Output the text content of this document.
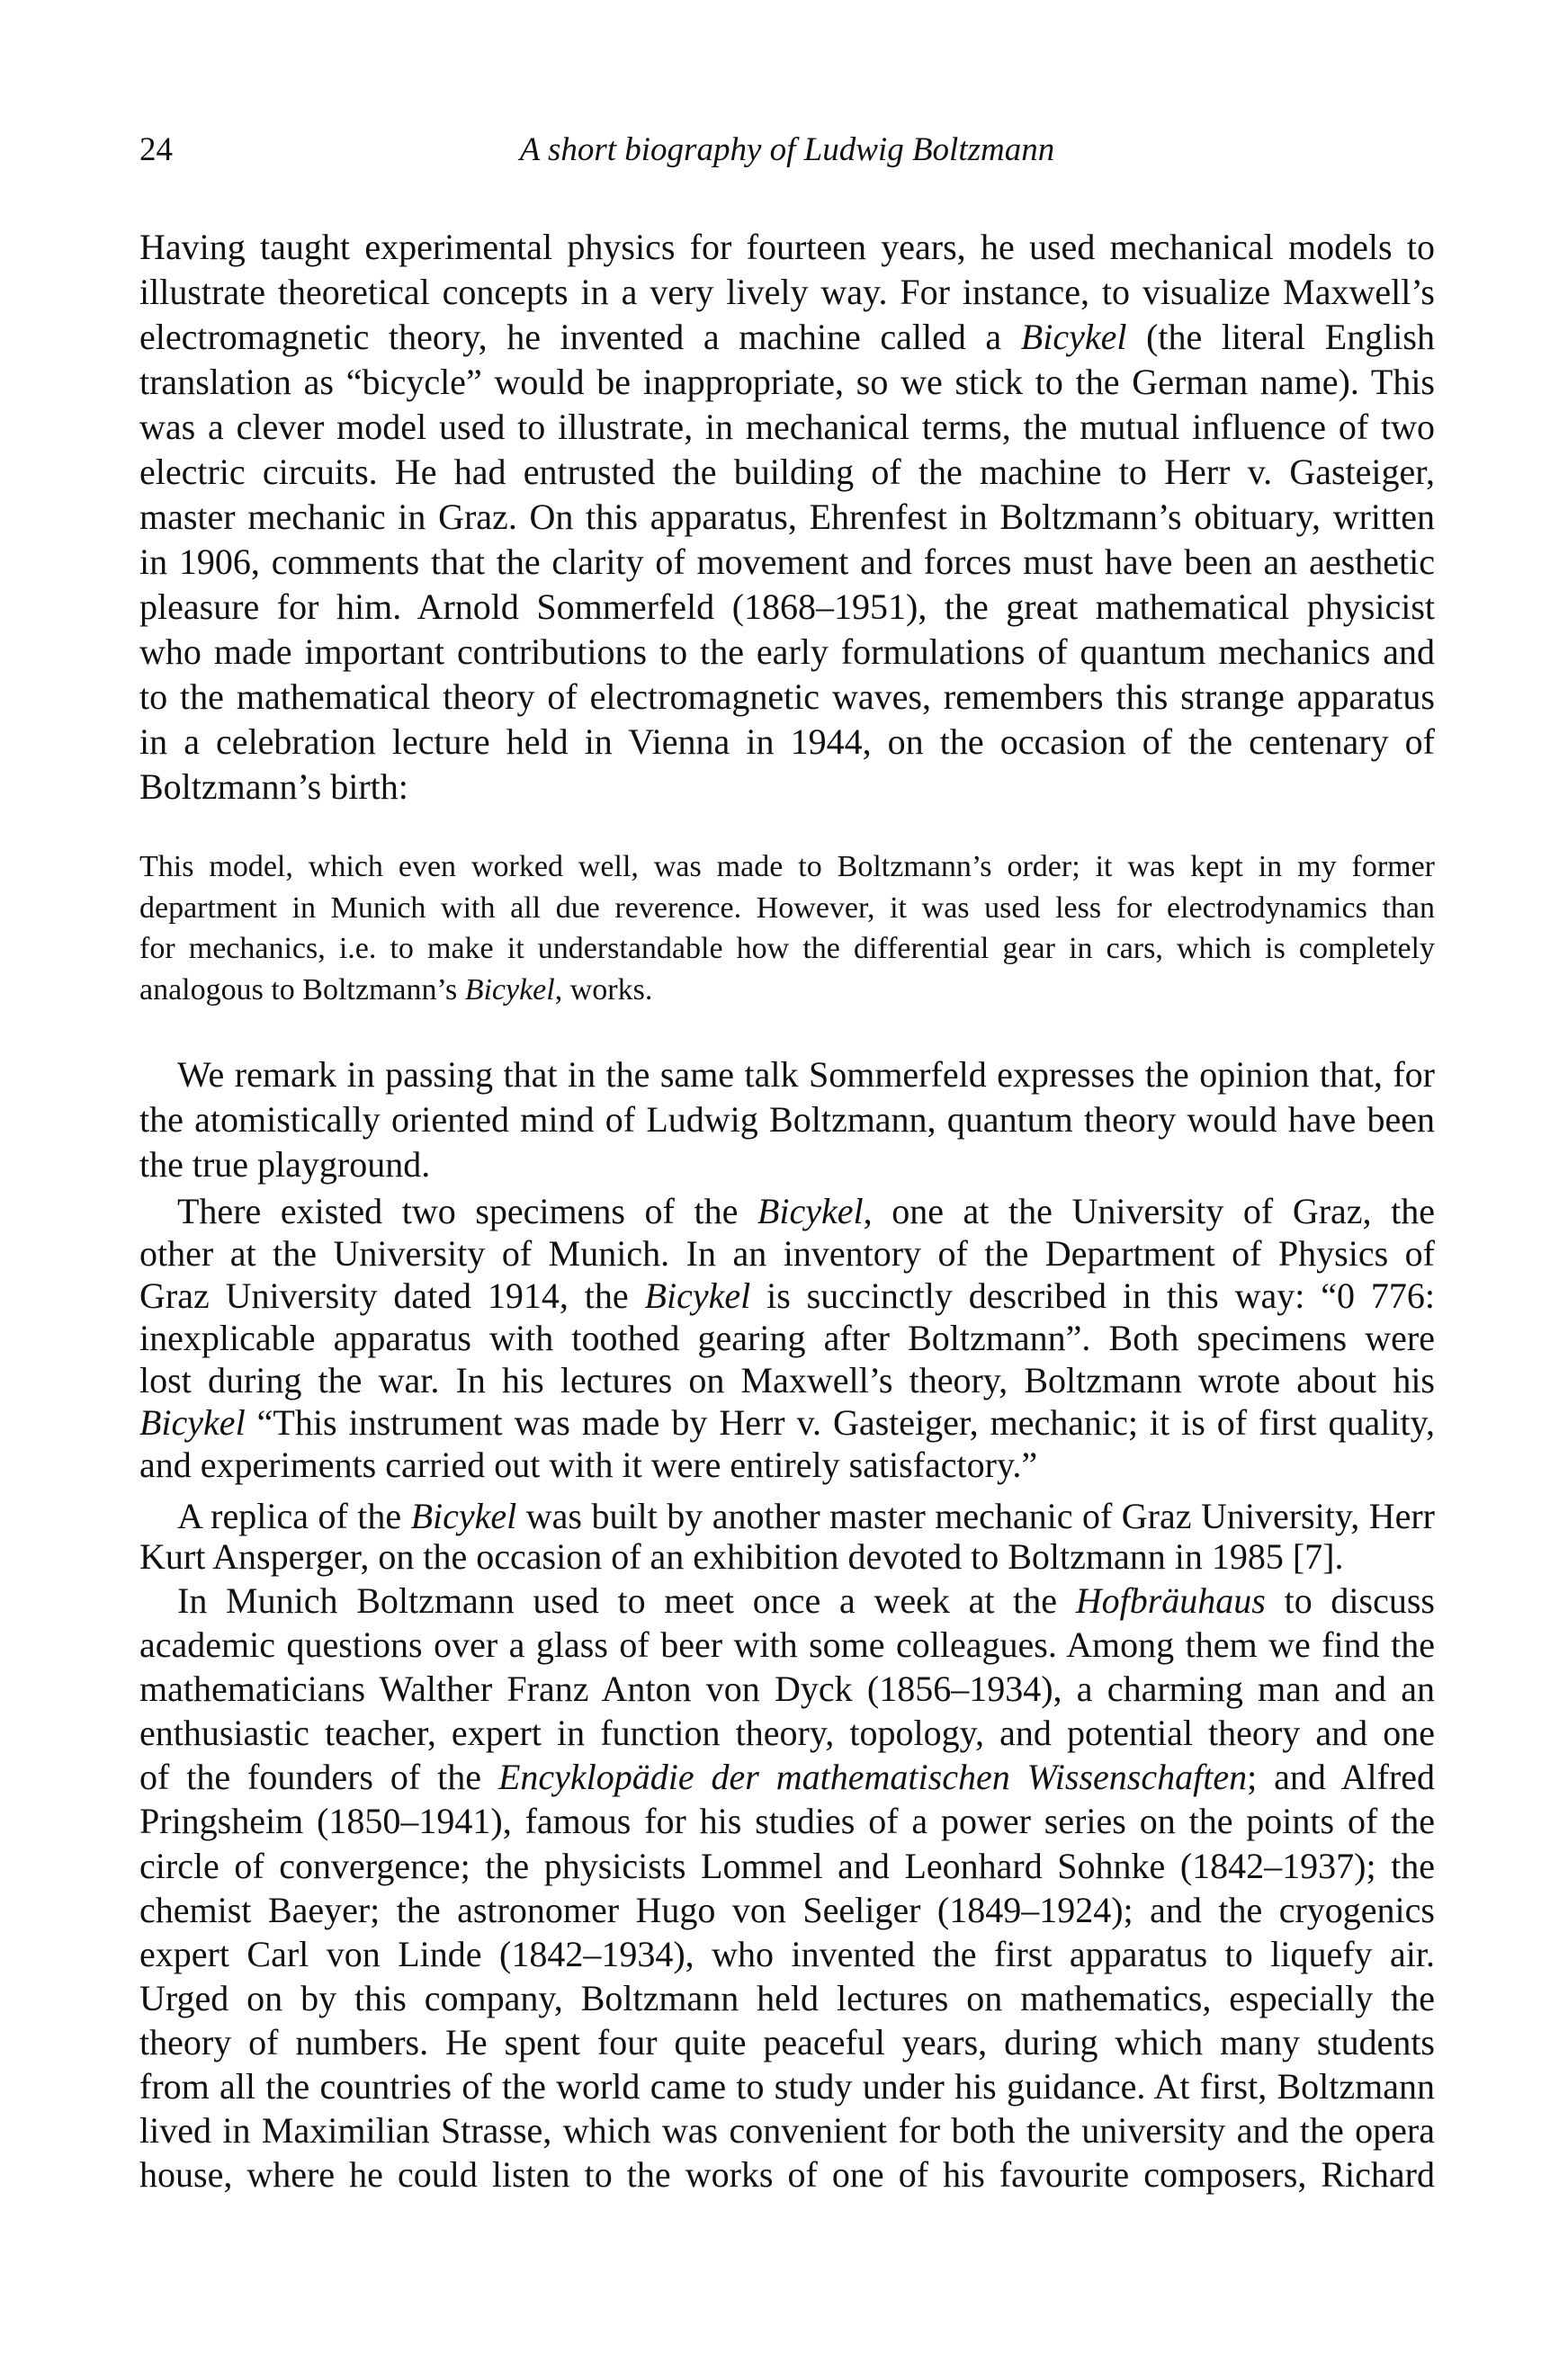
24	A short biography of Ludwig Boltzmann
Having taught experimental physics for fourteen years, he used mechanical models to
illustrate theoretical concepts in a very lively way. For instance, to visualize Maxwell’s
electromagnetic theory, he invented a machine called a Bicykel (the literal English
translation as “bicycle” would be inappropriate, so we stick to the German name). This
was a clever model used to illustrate, in mechanical terms, the mutual influence of two
electric circuits. He had entrusted the building of the machine to Herr v. Gasteiger,
master mechanic in Graz. On this apparatus, Ehrenfest in Boltzmann’s obituary, written
in 1906, comments that the clarity of movement and forces must have been an aesthetic
pleasure for him. Arnold Sommerfeld (1868–1951), the great mathematical physicist
who made important contributions to the early formulations of quantum mechanics and
to the mathematical theory of electromagnetic waves, remembers this strange apparatus
in a celebration lecture held in Vienna in 1944, on the occasion of the centenary of
Boltzmann’s birth:
This model, which even worked well, was made to Boltzmann’s order; it was kept in my former
department in Munich with all due reverence. However, it was used less for electrodynamics than
for mechanics, i.e. to make it understandable how the differential gear in cars, which is completely
analogous to Boltzmann’s Bicykel, works.
We remark in passing that in the same talk Sommerfeld expresses the opinion that, for
the atomistically oriented mind of Ludwig Boltzmann, quantum theory would have been
the true playground.
There existed two specimens of the Bicykel, one at the University of Graz, the
other at the University of Munich. In an inventory of the Department of Physics of
Graz University dated 1914, the Bicykel is succinctly described in this way: “0 776:
inexplicable apparatus with toothed gearing after Boltzmann”. Both specimens were
lost during the war. In his lectures on Maxwell’s theory, Boltzmann wrote about his
Bicykel “This instrument was made by Herr v. Gasteiger, mechanic; it is of first quality,
and experiments carried out with it were entirely satisfactory.”
A replica of the Bicykel was built by another master mechanic of Graz University, Herr
Kurt Ansperger, on the occasion of an exhibition devoted to Boltzmann in 1985 [7].
In Munich Boltzmann used to meet once a week at the Hofbräuhaus to discuss
academic questions over a glass of beer with some colleagues. Among them we find the
mathematicians Walther Franz Anton von Dyck (1856–1934), a charming man and an
enthusiastic teacher, expert in function theory, topology, and potential theory and one
of the founders of the Encyklopädie der mathematischen Wissenschaften; and Alfred
Pringsheim (1850–1941), famous for his studies of a power series on the points of the
circle of convergence; the physicists Lommel and Leonhard Sohnke (1842–1937); the
chemist Baeyer; the astronomer Hugo von Seeliger (1849–1924); and the cryogenics
expert Carl von Linde (1842–1934), who invented the first apparatus to liquefy air.
Urged on by this company, Boltzmann held lectures on mathematics, especially the
theory of numbers. He spent four quite peaceful years, during which many students
from all the countries of the world came to study under his guidance. At first, Boltzmann
lived in Maximilian Strasse, which was convenient for both the university and the opera
house, where he could listen to the works of one of his favourite composers, Richard
